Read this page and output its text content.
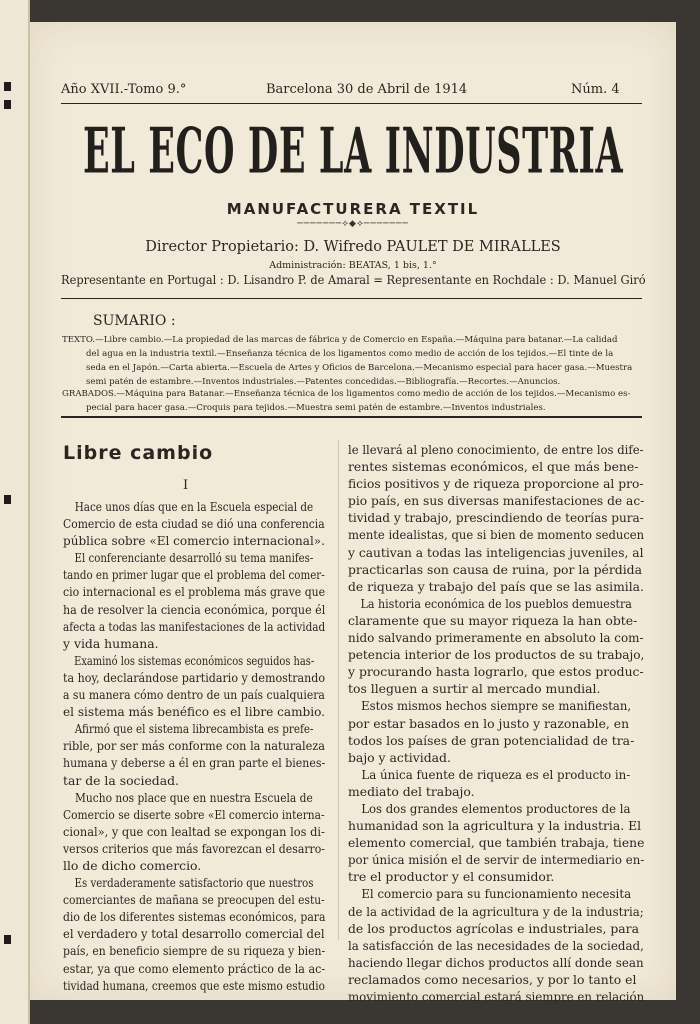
Año XVII.-Tomo 9.°	Barcelona 30 de Abril de 1914	Núm. 4

EL ECO DE LA INDUSTRIA

MANUFACTURERA TEXTIL

───────⟡◆⟡───────

Director Propietario: D. Wifredo PAULET DE MIRALLES

Administración: BEATAS, 1 bis, 1.°

Representante en Portugal : D. Lisandro P. de Amaral = Representante en Rochdale : D. Manuel Giró

SUMARIO :

TEXTO.—Libre cambio.—La propiedad de las marcas de fábrica y de Comercio en España.—Máquina para batanar.—La calidad
del agua en la industria textil.—Enseñanza técnica de los ligamentos como medio de acción de los tejidos.—El tinte de la
seda en el Japón.—Carta abierta.—Escuela de Artes y Oficios de Barcelona.—Mecanismo especial para hacer gasa.—Muestra
semi patén de estambre.—Inventos industriales.—Patentes concedidas.—Bibliografía.—Recortes.—Anuncios.
GRABADOS.—Máquina para Batanar.—Enseñanza técnica de los ligamentos como medio de acción de los tejidos.—Mecanismo es-
pecial para hacer gasa.—Croquis para tejidos.—Muestra semi patén de estambre.—Inventos industriales.
Libre cambio

I

Hace unos días que en la Escuela especial de

Comercio de esta ciudad se dió una conferencia

pública sobre «El comercio internacional».

El conferenciante desarrolló su tema manifes-

tando en primer lugar que el problema del comer-

cio internacional es el problema más grave que

ha de resolver la ciencia económica, porque él

afecta a todas las manifestaciones de la actividad

y vida humana.

Examinó los sistemas económicos seguidos has-

ta hoy, declarándose partidario y demostrando

a su manera cómo dentro de un país cualquiera

el sistema más benéfico es el libre cambio.

Afirmó que el sistema librecambista es prefe-

rible, por ser más conforme con la naturaleza

humana y deberse a él en gran parte el bienes-

tar de la sociedad.

Mucho nos place que en nuestra Escuela de

Comercio se diserte sobre «El comercio interna-

cional», y que con lealtad se expongan los di-

versos criterios que más favorezcan el desarro-

llo de dicho comercio.

Es verdaderamente satisfactorio que nuestros

comerciantes de mañana se preocupen del estu-

dio de los diferentes sistemas económicos, para

el verdadero y total desarrollo comercial del

país, en beneficio siempre de su riqueza y bien-

estar, ya que como elemento práctico de la ac-

tividad humana, creemos que este mismo estudio

le llevará al pleno conocimiento, de entre los dife-

rentes sistemas económicos, el que más bene-

ficios positivos y de riqueza proporcione al pro-

pio país, en sus diversas manifestaciones de ac-

tividad y trabajo, prescindiendo de teorías pura-

mente idealistas, que si bien de momento seducen

y cautivan a todas las inteligencias juveniles, al

practicarlas son causa de ruina, por la pérdida

de riqueza y trabajo del país que se las asimila.

La historia económica de los pueblos demuestra

claramente que su mayor riqueza la han obte-

nido salvando primeramente en absoluto la com-

petencia interior de los productos de su trabajo,

y procurando hasta lograrlo, que estos produc-

tos lleguen a surtir al mercado mundial.

Estos mismos hechos siempre se manifiestan,

por estar basados en lo justo y razonable, en

todos los países de gran potencialidad de tra-

bajo y actividad.

La única fuente de riqueza es el producto in-

mediato del trabajo.

Los dos grandes elementos productores de la

humanidad son la agricultura y la industria. El

elemento comercial, que también trabaja, tiene

por única misión el de servir de intermediario en-

tre el productor y el consumidor.

El comercio para su funcionamiento necesita

de la actividad de la agricultura y de la industria;

de los productos agrícolas e industriales, para

la satisfacción de las necesidades de la sociedad,

haciendo llegar dichos productos allí donde sean

reclamados como necesarios, y por lo tanto el

movimiento comercial estará siempre en relación
